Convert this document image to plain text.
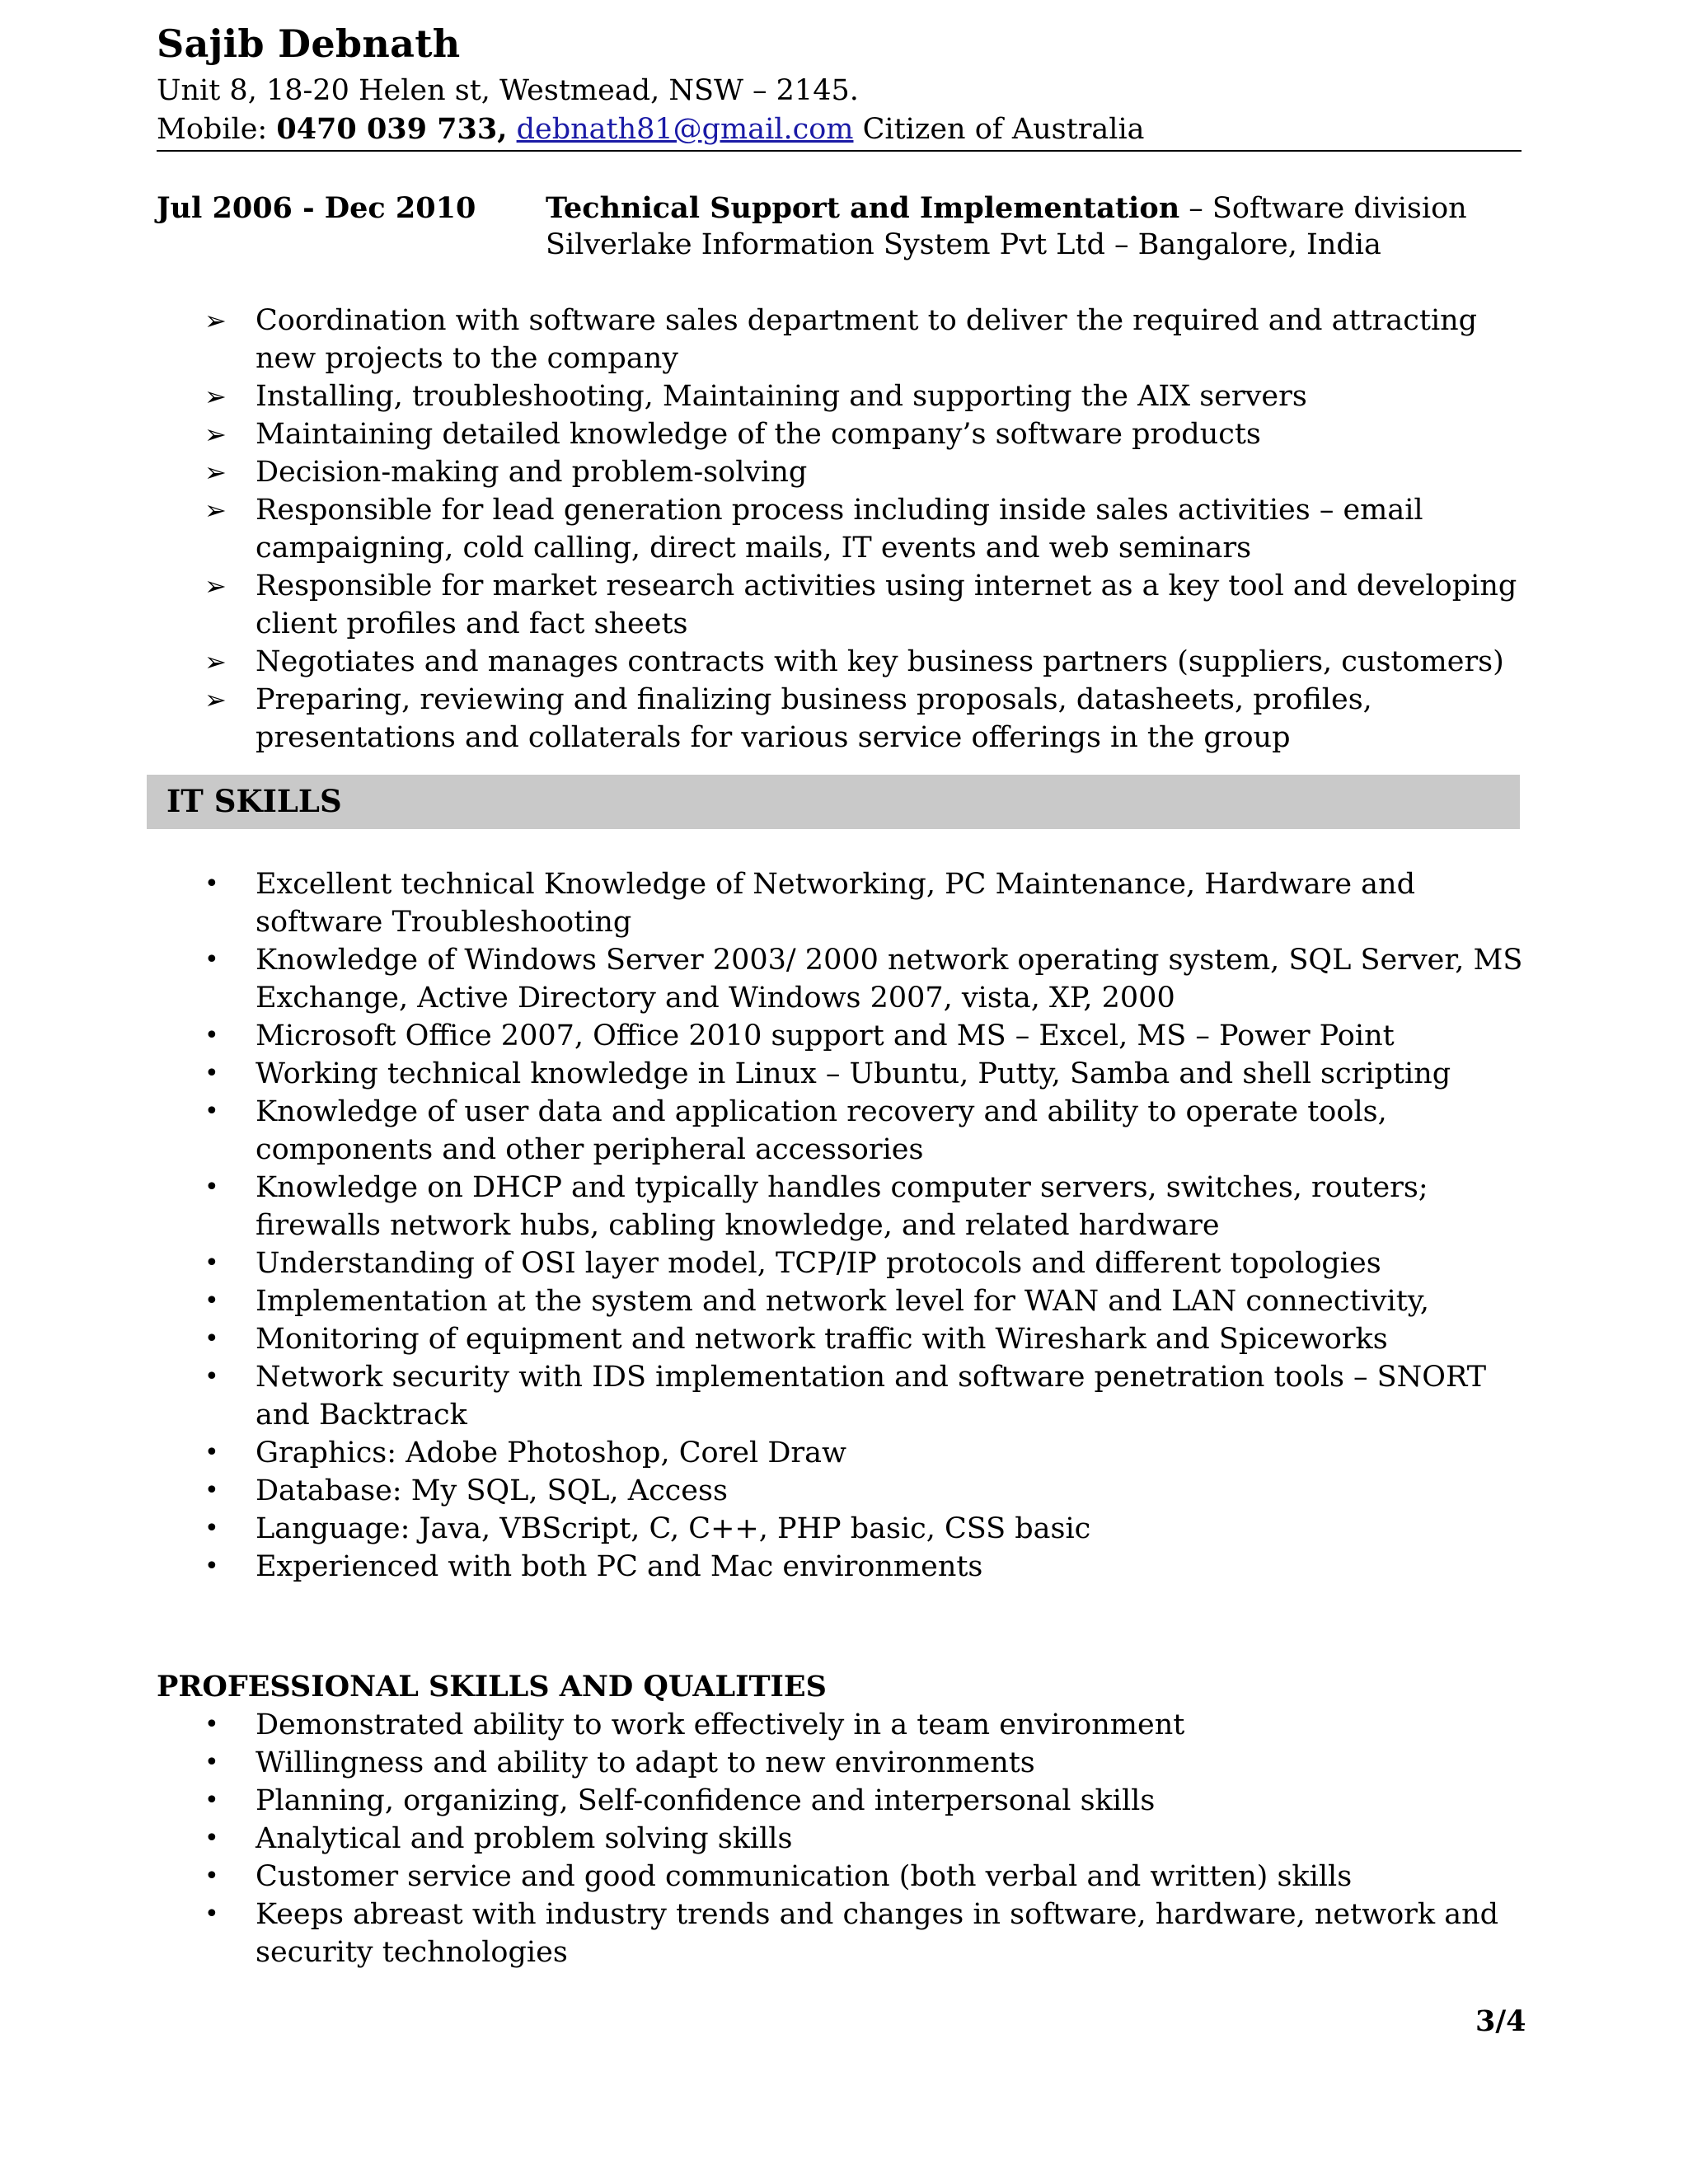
Sajib Debnath
Unit 8, 18-20 Helen st, Westmead, NSW – 2145.
Mobile: 0470 039 733, debnath81@gmail.com Citizen of Australia
Jul 2006 - Dec 2010 Technical Support and Implementation – Software division
Silverlake Information System Pvt Ltd – Bangalore, India
➢ Coordination with software sales department to deliver the required and attracting new projects to the company
➢ Installing, troubleshooting, Maintaining and supporting the AIX servers
➢ Maintaining detailed knowledge of the company’s software products
➢ Decision-making and problem-solving
➢ Responsible for lead generation process including inside sales activities – email campaigning, cold calling, direct mails, IT events and web seminars
➢ Responsible for market research activities using internet as a key tool and developing client profiles and fact sheets
➢ Negotiates and manages contracts with key business partners (suppliers, customers)
➢ Preparing, reviewing and finalizing business proposals, datasheets, profiles, presentations and collaterals for various service offerings in the group
IT SKILLS
• Excellent technical Knowledge of Networking, PC Maintenance, Hardware and software Troubleshooting
• Knowledge of Windows Server 2003/ 2000 network operating system, SQL Server, MS Exchange, Active Directory and Windows 2007, vista, XP, 2000
• Microsoft Office 2007, Office 2010 support and MS – Excel, MS – Power Point
• Working technical knowledge in Linux – Ubuntu, Putty, Samba and shell scripting
• Knowledge of user data and application recovery and ability to operate tools, components and other peripheral accessories
• Knowledge on DHCP and typically handles computer servers, switches, routers; firewalls network hubs, cabling knowledge, and related hardware
• Understanding of OSI layer model, TCP/IP protocols and different topologies
• Implementation at the system and network level for WAN and LAN connectivity,
• Monitoring of equipment and network traffic with Wireshark and Spiceworks
• Network security with IDS implementation and software penetration tools – SNORT and Backtrack
• Graphics: Adobe Photoshop, Corel Draw
• Database: My SQL, SQL, Access
• Language: Java, VBScript, C, C++, PHP basic, CSS basic
• Experienced with both PC and Mac environments
PROFESSIONAL SKILLS AND QUALITIES
• Demonstrated ability to work effectively in a team environment
• Willingness and ability to adapt to new environments
• Planning, organizing, Self-confidence and interpersonal skills
• Analytical and problem solving skills
• Customer service and good communication (both verbal and written) skills
• Keeps abreast with industry trends and changes in software, hardware, network and security technologies
3/4
